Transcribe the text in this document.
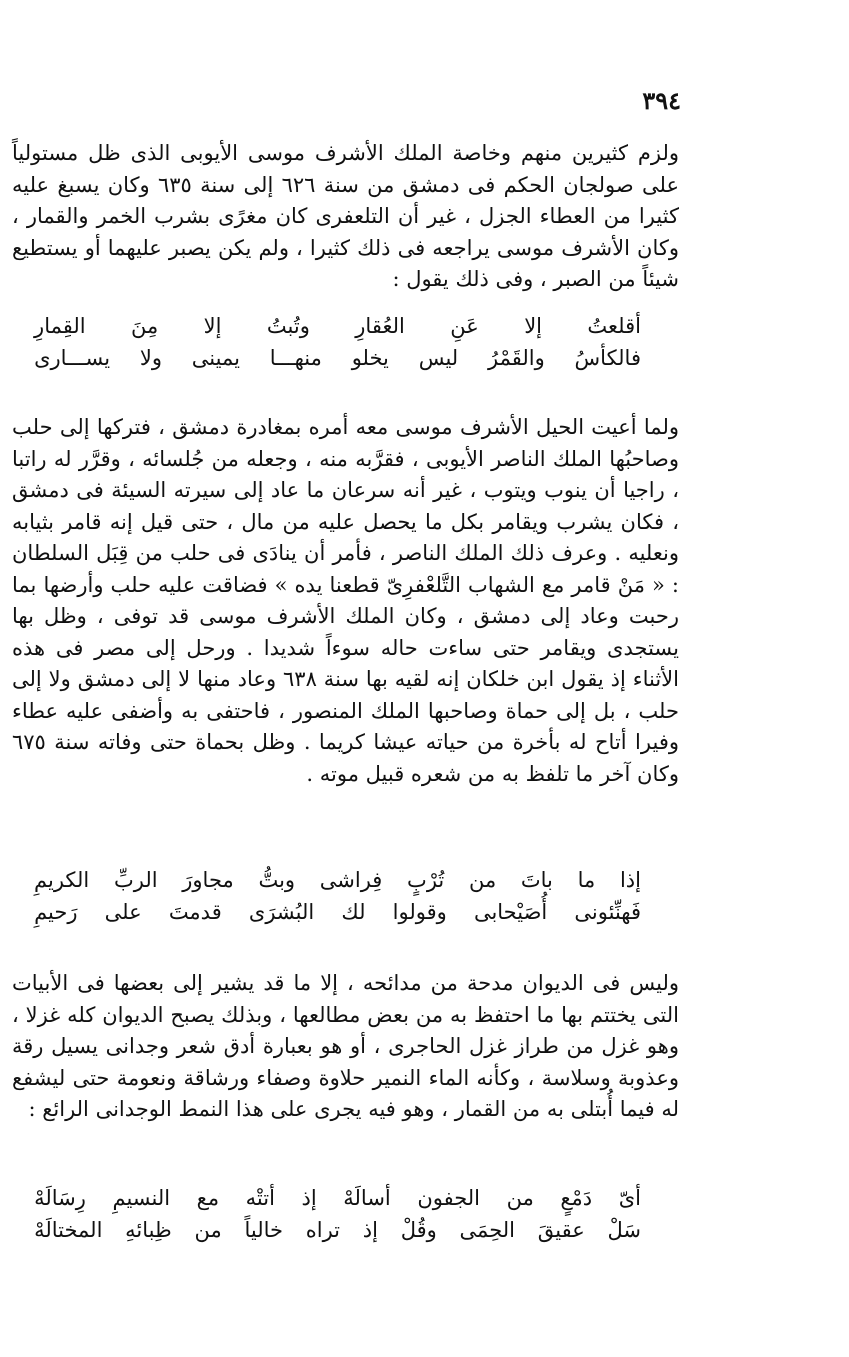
٣٩٤

ولزم كثيرين منهم وخاصة الملك الأشرف موسى الأيوبى الذى ظل مستولياً على صولجان الحكم فى دمشق من سنة ٦٢٦ إلى سنة ٦٣٥ وكان يسبغ عليه كثيرا من العطاء الجزل ، غير أن التلعفرى كان مغرًى بشرب الخمر والقمار ، وكان الأشرف موسى يراجعه فى ذلك كثيرا ، ولم يكن يصبر عليهما أو يستطيع شيئاً من الصبر ، وفى ذلك يقول :

أقلعتُ
إلا
عَنِ
العُقارِ
وتُبتُ
إلا
مِنَ
القِمارِ
فالكأسُ
والقَمْرُ
ليس
يخلو
منهـــا
يمينى
ولا
يســـارى

ولما أعيت الحيل الأشرف موسى معه أمره بمغادرة دمشق ، فتركها إلى حلب وصاحبُها الملك الناصر الأيوبى ، فقرَّبه منه ، وجعله من جُلسائه ، وقرَّر له راتبا ، راجيا أن ينوب ويتوب ، غير أنه سرعان ما عاد إلى سيرته السيئة فى دمشق ، فكان يشرب ويقامر بكل ما يحصل عليه من مال ، حتى قيل إنه قامر بثيابه ونعليه . وعرف ذلك الملك الناصر ، فأمر أن ينادَى فى حلب من قِبَل السلطان : « مَنْ قامر مع الشهاب التَّلعْفرِىّ قطعنا يده » فضاقت عليه حلب وأرضها بما رحبت وعاد إلى دمشق ، وكان الملك الأشرف موسى قد توفى ، وظل بها يستجدى ويقامر حتى ساءت حاله سوءاً شديدا . ورحل إلى مصر فى هذه الأثناء إذ يقول ابن خلكان إنه لقيه بها سنة ٦٣٨ وعاد منها لا إلى دمشق ولا إلى حلب ، بل إلى حماة وصاحبها الملك المنصور ، فاحتفى به وأضفى عليه عطاء وفيرا أتاح له بأخرة من حياته عيشا كريما . وظل بحماة حتى وفاته سنة ٦٧٥ وكان آخر ما تلفظ به من شعره قبيل موته .

إذا
ما
باتَ
من
تُرْبٍ
فِراشى
وبتُّ
مجاورَ
الربِّ
الكريمِ
فَهنِّئونى
أُصَيْحابى
وقولوا
لك
البُشرَى
قدمتَ
على
رَحيمِ

وليس فى الديوان مدحة من مدائحه ، إلا ما قد يشير إلى بعضها فى الأبيات التى يختتم بها ما احتفظ به من بعض مطالعها ، وبذلك يصبح الديوان كله غزلا ، وهو غزل من طراز غزل الحاجرى ، أو هو بعبارة أدق شعر وجدانى يسيل رقة وعذوبة وسلاسة ، وكأنه الماء النمير حلاوة وصفاء ورشاقة ونعومة حتى ليشفع له فيما أُبتلى به من القمار ، وهو فيه يجرى على هذا النمط الوجدانى الرائع :

أىّ
دَمْعٍ
من
الجفون
أسالَهْ
إذ
أتتْه
مع
النسيمِ
رِسَالَهْ
سَلْ
عقيقَ
الحِمَى
وقُلْ
إذ
تراه
خالياً
من
ظِبائهِ
المختالَهْ
